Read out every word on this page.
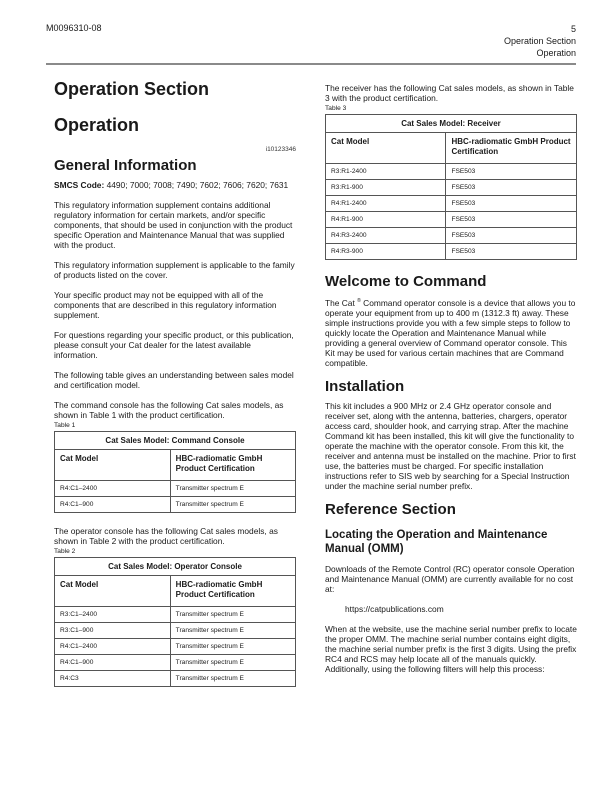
M0096310-08	5
Operation Section
Operation
Operation Section
Operation
i10123346
General Information

SMCS Code: 4490; 7000; 7008; 7490; 7602; 7606; 7620; 7631

This regulatory information supplement contains additional regulatory information for certain markets, and/or specific components, that should be used in conjunction with the product specific Operation and Maintenance Manual that was supplied with the product.

This regulatory information supplement is applicable to the family of products listed on the cover.

Your specific product may not be equipped with all of the components that are described in this regulatory information supplement.

For questions regarding your specific product, or this publication, please consult your Cat dealer for the latest available information.

The following table gives an understanding between sales model and certification model.

The command console has the following Cat sales models, as shown in Table 1 with the product certification.

Table 1
Cat Sales Model: Command Console	
Cat Model	HBC-radiomatic GmbH Product Certification
R4:C1–2400	Transmitter spectrum E
R4:C1–900	Transmitter spectrum E

The operator console has the following Cat sales models, as shown in Table 2 with the product certification.

Table 2
Cat Sales Model: Operator Console	
Cat Model	HBC-radiomatic GmbH Product Certification
R3:C1–2400	Transmitter spectrum E
R3:C1–900	Transmitter spectrum E
R4:C1–2400	Transmitter spectrum E
R4:C1–900	Transmitter spectrum E
R4:C3	Transmitter spectrum E

The receiver has the following Cat sales models, as shown in Table 3 with the product certification.

Table 3
Cat Sales Model: Receiver	
Cat Model	HBC-radiomatic GmbH Product Certification
R3:R1-2400	FSE503
R3:R1-900	FSE503
R4:R1-2400	FSE503
R4:R1-900	FSE503
R4:R3-2400	FSE503
R4:R3-900	FSE503
Welcome to Command

The Cat ® Command operator console is a device that allows you to operate your equipment from up to 400 m (1312.3 ft) away. These simple instructions provide you with a few simple steps to follow to quickly locate the Operation and Maintenance Manual while providing a general overview of Command operator console. This Kit may be used for various certain machines that are Command compatible.

Installation

This kit includes a 900 MHz or 2.4 GHz operator console and receiver set, along with the antenna, batteries, chargers, operator access card, shoulder hook, and carrying strap. After the machine Command kit has been installed, this kit will give the functionality to operate the machine with the operator console. From this kit, the receiver and antenna must be installed on the machine. Prior to first use, the batteries must be charged. For specific installation instructions refer to SIS web by searching for a Special Instruction under the machine serial number prefix.

Reference Section
Locating the Operation and Maintenance Manual (OMM)

Downloads of the Remote Control (RC) operator console Operation and Maintenance Manual (OMM) are currently available for no cost at:

https://catpublications.com

When at the website, use the machine serial number prefix to locate the proper OMM. The machine serial number contains eight digits, the machine serial number prefix is the first 3 digits. Using the prefix RC4 and RCS may help locate all of the manuals quickly. Additionally, using the following filters will help this process:
